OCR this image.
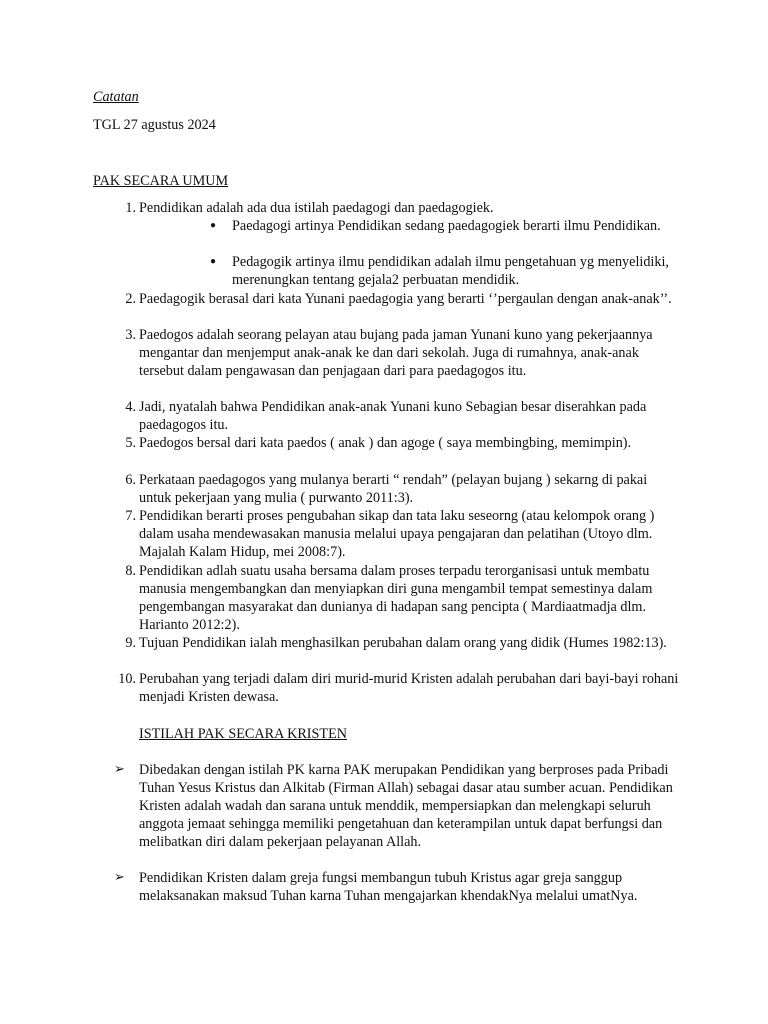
Catatan
TGL 27 agustus 2024
PAK SECARA UMUM
1. Pendidikan adalah ada dua istilah paedagogi dan paedagogiek.
● Paedagogi artinya Pendidikan sedang paedagogiek berarti ilmu Pendidikan.
● Pedagogik artinya ilmu pendidikan adalah ilmu pengetahuan yg menyelidiki, merenungkan tentang gejala2 perbuatan mendidik.
2. Paedagogik berasal dari kata Yunani paedagogia yang berarti ‘’pergaulan dengan anak-anak’’.
3. Paedogos adalah seorang pelayan atau bujang pada jaman Yunani kuno yang pekerjaannya mengantar dan menjemput anak-anak ke dan dari sekolah. Juga di rumahnya, anak-anak tersebut dalam pengawasan dan penjagaan dari para paedagogos itu.
4. Jadi, nyatalah bahwa Pendidikan anak-anak Yunani kuno Sebagian besar diserahkan pada paedagogos itu.
5. Paedogos bersal dari kata paedos ( anak ) dan agoge ( saya membingbing, memimpin).
6. Perkataan paedagogos yang mulanya berarti “ rendah” (pelayan bujang ) sekarng di pakai untuk pekerjaan yang mulia ( purwanto 2011:3).
7. Pendidikan berarti proses pengubahan sikap dan tata laku seseorng (atau kelompok orang ) dalam usaha mendewasakan manusia melalui upaya pengajaran dan pelatihan (Utoyo dlm. Majalah Kalam Hidup, mei 2008:7).
8. Pendidikan adlah suatu usaha bersama dalam proses terpadu terorganisasi untuk membatu manusia mengembangkan dan menyiapkan diri guna mengambil tempat semestinya dalam pengembangan masyarakat dan dunianya di hadapan sang pencipta ( Mardiaatmadja dlm. Harianto 2012:2).
9. Tujuan Pendidikan ialah menghasilkan perubahan dalam orang yang didik (Humes 1982:13).
10. Perubahan yang terjadi dalam diri murid-murid Kristen adalah perubahan dari bayi-bayi rohani menjadi Kristen dewasa.
ISTILAH PAK SECARA KRISTEN
➢ Dibedakan dengan istilah PK karna PAK merupakan Pendidikan yang berproses pada Pribadi Tuhan Yesus Kristus dan Alkitab (Firman Allah) sebagai dasar atau sumber acuan. Pendidikan Kristen adalah wadah dan sarana untuk menddik, mempersiapkan dan melengkapi seluruh anggota jemaat sehingga memiliki pengetahuan dan keterampilan untuk dapat berfungsi dan melibatkan diri dalam pekerjaan pelayanan Allah.
➢ Pendidikan Kristen dalam greja fungsi membangun tubuh Kristus agar greja sanggup melaksanakan maksud Tuhan karna Tuhan mengajarkan khendakNya melalui umatNya.
